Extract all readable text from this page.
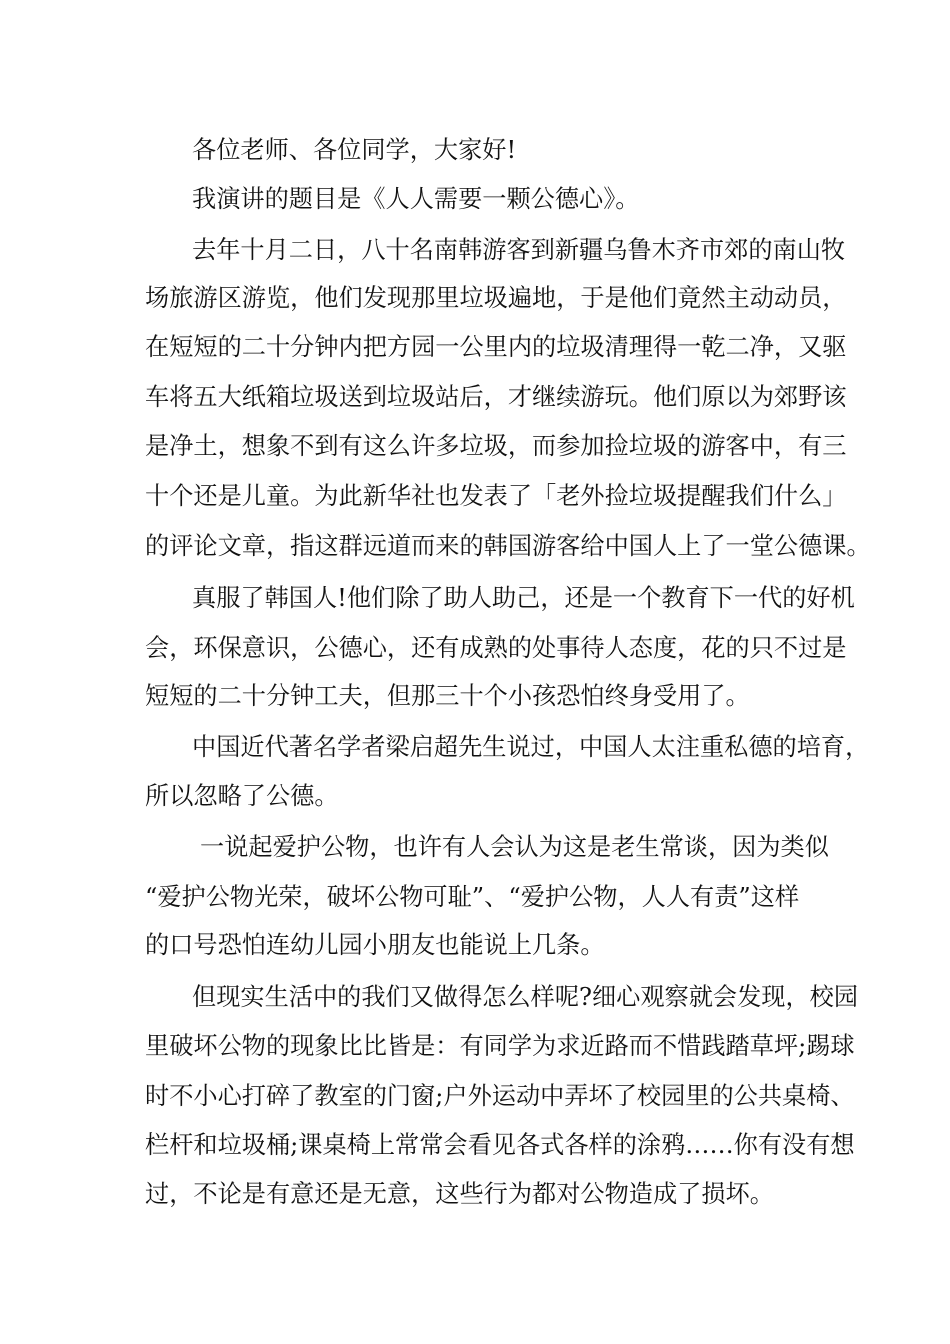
各位老师、各位同学，大家好!
我演讲的题目是《人人需要一颗公德心》。
去年十月二日，八十名南韩游客到新疆乌鲁木齐市郊的南山牧
场旅游区游览，他们发现那里垃圾遍地，于是他们竟然主动动员，
在短短的二十分钟内把方园一公里内的垃圾清理得一乾二净，又驱
车将五大纸箱垃圾送到垃圾站后，才继续游玩。他们原以为郊野该
是净土，想象不到有这么许多垃圾，而参加捡垃圾的游客中，有三
十个还是儿童。为此新华社也发表了「老外捡垃圾提醒我们什么」
的评论文章，指这群远道而来的韩国游客给中国人上了一堂公德课。
真服了韩国人!他们除了助人助己，还是一个教育下一代的好机
会，环保意识，公德心，还有成熟的处事待人态度，花的只不过是
短短的二十分钟工夫，但那三十个小孩恐怕终身受用了。
中国近代著名学者梁启超先生说过，中国人太注重私德的培育，
所以忽略了公德。
一说起爱护公物，也许有人会认为这是老生常谈，因为类似
“爱护公物光荣，破坏公物可耻”、“爱护公物，人人有责”这样
的口号恐怕连幼儿园小朋友也能说上几条。
但现实生活中的我们又做得怎么样呢?细心观察就会发现，校园
里破坏公物的现象比比皆是：有同学为求近路而不惜践踏草坪;踢球
时不小心打碎了教室的门窗;户外运动中弄坏了校园里的公共桌椅、
栏杆和垃圾桶;课桌椅上常常会看见各式各样的涂鸦……你有没有想
过，不论是有意还是无意，这些行为都对公物造成了损坏。
